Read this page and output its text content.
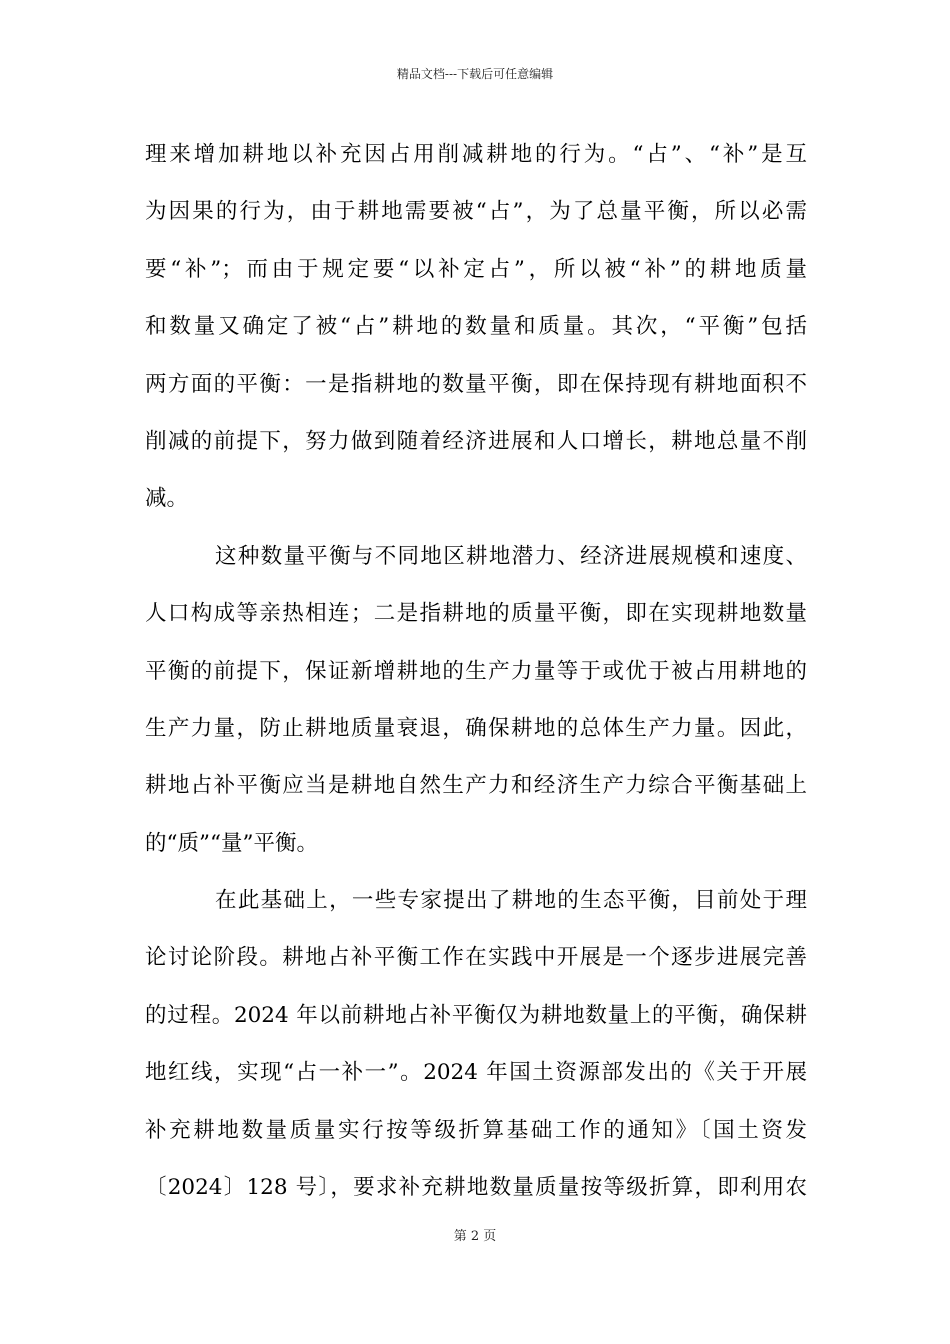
精品文档---下载后可任意编辑
理来增加耕地以补充因占用削减耕地的行为。“占”、“补”是互
为因果的行为，由于耕地需要被“占”，为了总量平衡，所以必需
要“补”；而由于规定要“以补定占”，所以被“补”的耕地质量
和数量又确定了被“占”耕地的数量和质量。其次，“平衡”包括
两方面的平衡：一是指耕地的数量平衡，即在保持现有耕地面积不
削减的前提下，努力做到随着经济进展和人口增长，耕地总量不削
减。
这种数量平衡与不同地区耕地潜力、经济进展规模和速度、
人口构成等亲热相连；二是指耕地的质量平衡，即在实现耕地数量
平衡的前提下，保证新增耕地的生产力量等于或优于被占用耕地的
生产力量，防止耕地质量衰退，确保耕地的总体生产力量。因此，
耕地占补平衡应当是耕地自然生产力和经济生产力综合平衡基础上
的“质”“量”平衡。
在此基础上，一些专家提出了耕地的生态平衡，目前处于理
论讨论阶段。耕地占补平衡工作在实践中开展是一个逐步进展完善
的过程。2024 年以前耕地占补平衡仅为耕地数量上的平衡，确保耕
地红线，实现“占一补一”。2024 年国土资源部发出的《关于开展
补充耕地数量质量实行按等级折算基础工作的通知》〔国土资发
〔2024〕128 号〕，要求补充耕地数量质量按等级折算，即利用农
第 2 页
